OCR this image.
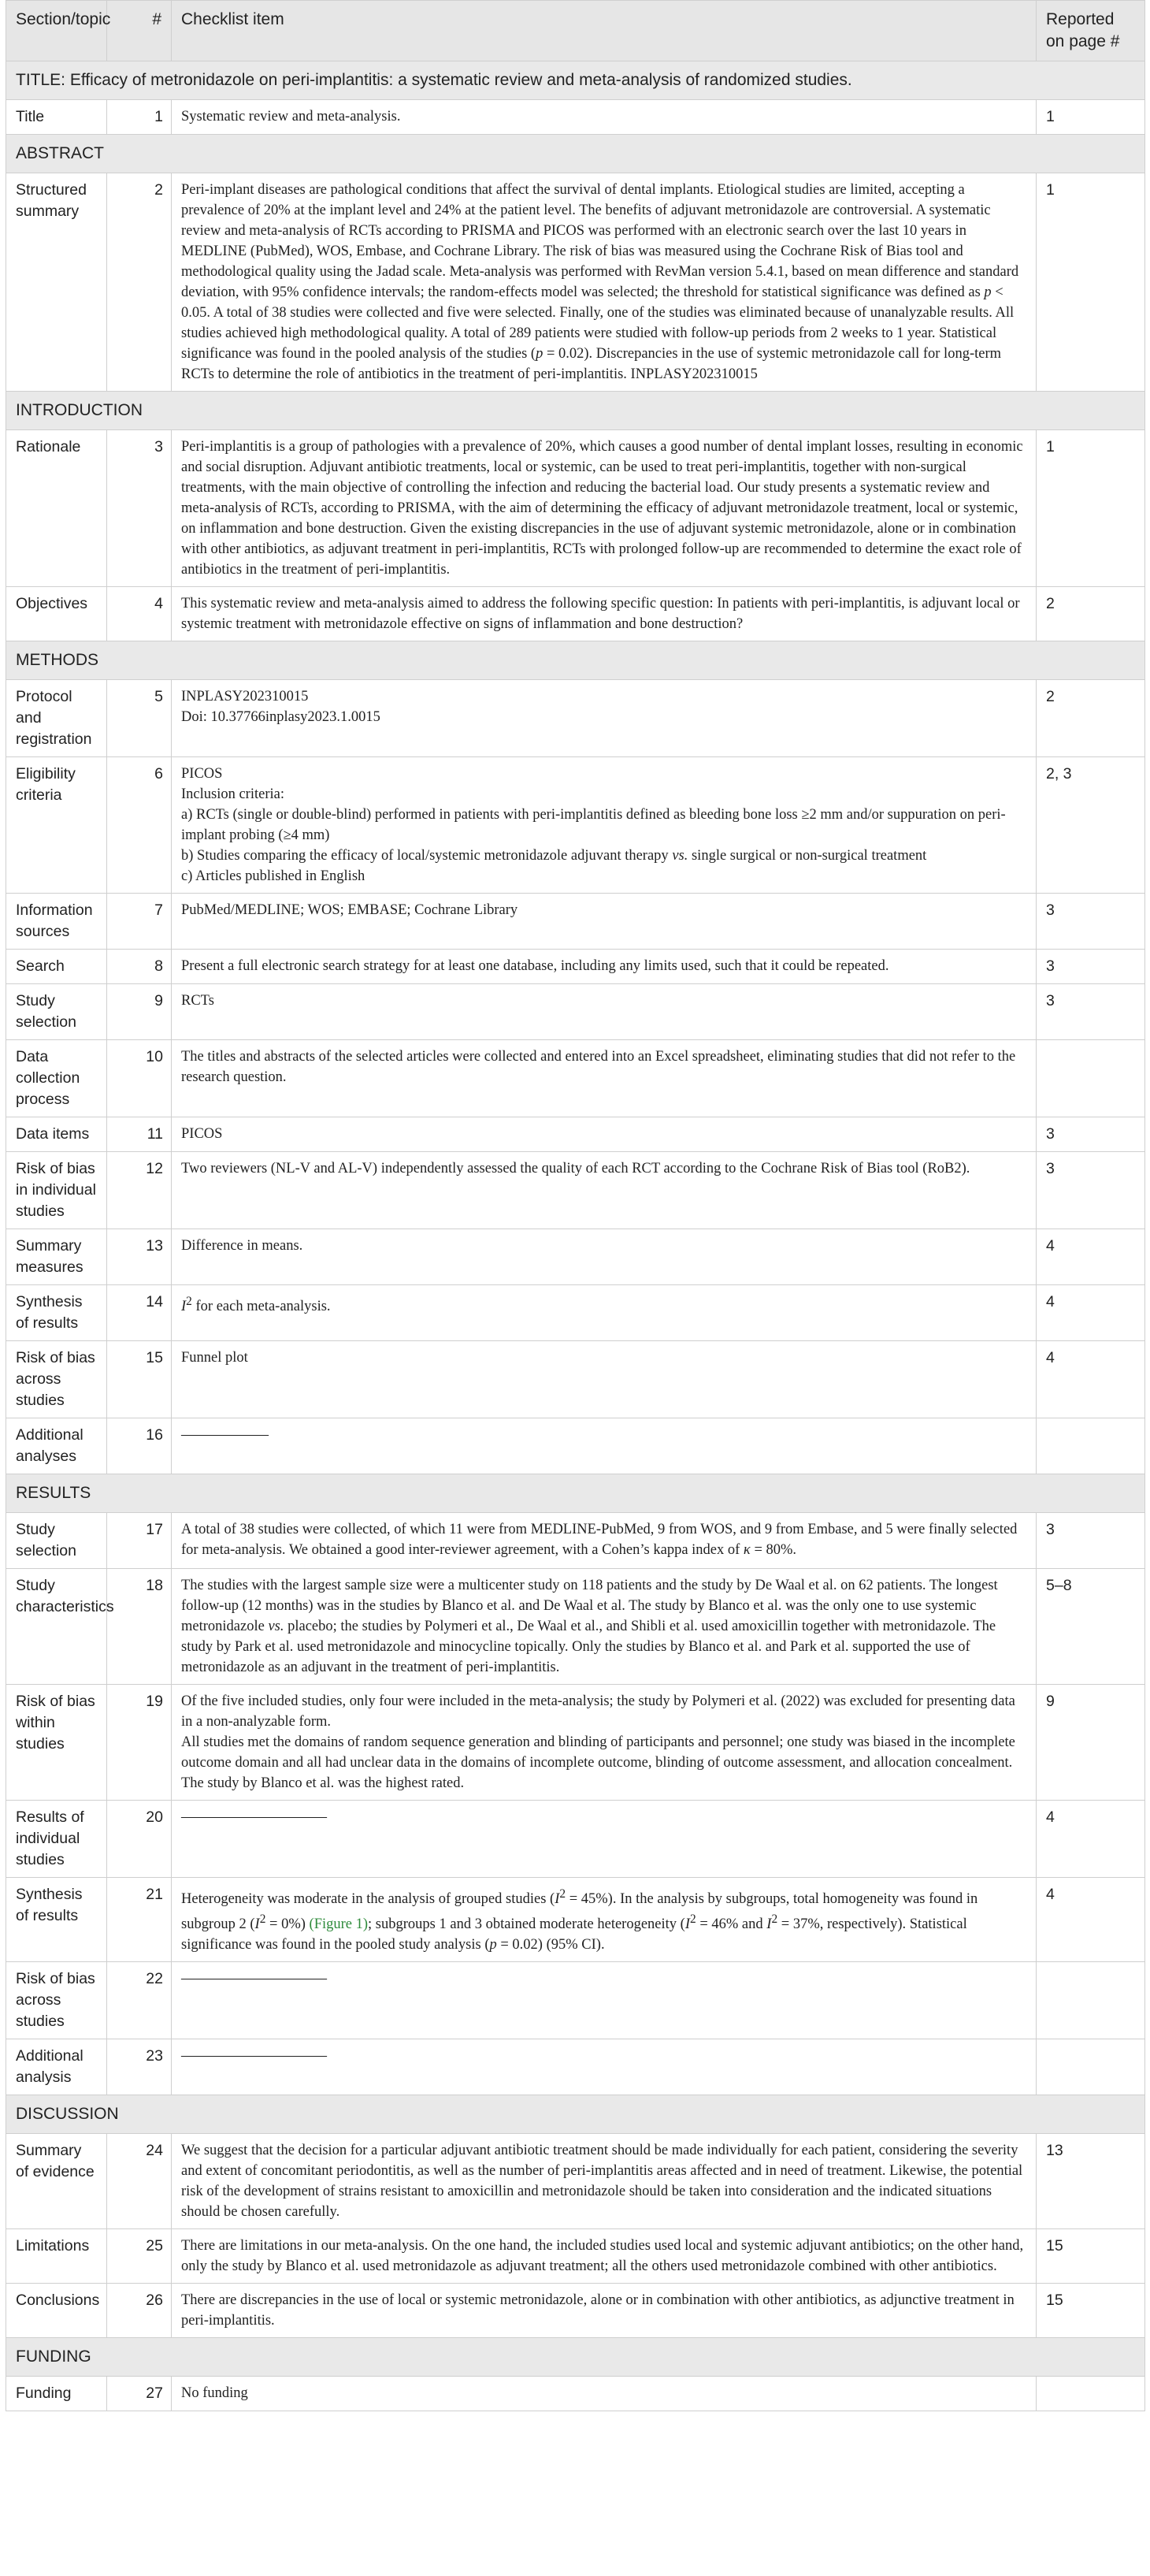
Section/topic	#	Checklist item	Reported on page #
TITLE: Efficacy of metronidazole on peri-implantitis: a systematic review and meta-analysis of randomized studies.			
Title	1	Systematic review and meta-analysis.	1
ABSTRACT			
Structured summary	2	Peri-implant diseases are pathological conditions that affect the survival of dental implants. Etiological studies are limited, accepting a prevalence of 20% at the implant level and 24% at the patient level. The benefits of adjuvant metronidazole are controversial. A systematic review and meta-analysis of RCTs according to PRISMA and PICOS was performed with an electronic search over the last 10 years in MEDLINE (PubMed), WOS, Embase, and Cochrane Library. The risk of bias was measured using the Cochrane Risk of Bias tool and methodological quality using the Jadad scale. Meta-analysis was performed with RevMan version 5.4.1, based on mean difference and standard deviation, with 95% confidence intervals; the random-effects model was selected; the threshold for statistical significance was defined as p < 0.05. A total of 38 studies were collected and five were selected. Finally, one of the studies was eliminated because of unanalyzable results. All studies achieved high methodological quality. A total of 289 patients were studied with follow-up periods from 2 weeks to 1 year. Statistical significance was found in the pooled analysis of the studies (p = 0.02). Discrepancies in the use of systemic metronidazole call for long-term RCTs to determine the role of antibiotics in the treatment of peri-implantitis. INPLASY202310015	1
INTRODUCTION			
Rationale	3	Peri-implantitis is a group of pathologies with a prevalence of 20%, which causes a good number of dental implant losses, resulting in economic and social disruption. Adjuvant antibiotic treatments, local or systemic, can be used to treat peri-implantitis, together with non-surgical treatments, with the main objective of controlling the infection and reducing the bacterial load. Our study presents a systematic review and meta-analysis of RCTs, according to PRISMA, with the aim of determining the efficacy of adjuvant metronidazole treatment, local or systemic, on inflammation and bone destruction. Given the existing discrepancies in the use of adjuvant systemic metronidazole, alone or in combination with other antibiotics, as adjuvant treatment in peri-implantitis, RCTs with prolonged follow-up are recommended to determine the exact role of antibiotics in the treatment of peri-implantitis.	1
Objectives	4	This systematic review and meta-analysis aimed to address the following specific question: In patients with peri-implantitis, is adjuvant local or systemic treatment with metronidazole effective on signs of inflammation and bone destruction?	2
METHODS			
Protocol and registration	5	INPLASY202310015
Doi: 10.37766inplasy2023.1.0015	2
Eligibility criteria	6	PICOS
Inclusion criteria:
a) RCTs (single or double-blind) performed in patients with peri-implantitis defined as bleeding bone loss ≥2 mm and/or suppuration on peri-implant probing (≥4 mm)
b) Studies comparing the efficacy of local/systemic metronidazole adjuvant therapy vs. single surgical or non-surgical treatment
c) Articles published in English	2, 3
Information sources	7	PubMed/MEDLINE; WOS; EMBASE; Cochrane Library	3
Search	8	Present a full electronic search strategy for at least one database, including any limits used, such that it could be repeated.	3
Study selection	9	RCTs	3
Data collection process	10	The titles and abstracts of the selected articles were collected and entered into an Excel spreadsheet, eliminating studies that did not refer to the research question.	
Data items	11	PICOS	3
Risk of bias in individual studies	12	Two reviewers (NL-V and AL-V) independently assessed the quality of each RCT according to the Cochrane Risk of Bias tool (RoB2).	3
Summary measures	13	Difference in means.	4
Synthesis of results	14	$I^2$ for each meta-analysis.	4
Risk of bias across studies	15	Funnel plot	4
Additional analyses	16	——————	
RESULTS			
Study selection	17	A total of 38 studies were collected, of which 11 were from MEDLINE-PubMed, 9 from WOS, and 9 from Embase, and 5 were finally selected for meta-analysis. We obtained a good inter-reviewer agreement, with a Cohen’s kappa index of κ = 80%.	3
Study characteristics	18	The studies with the largest sample size were a multicenter study on 118 patients and the study by De Waal et al. on 62 patients. The longest follow-up (12 months) was in the studies by Blanco et al. and De Waal et al. The study by Blanco et al. was the only one to use systemic metronidazole vs. placebo; the studies by Polymeri et al., De Waal et al., and Shibli et al. used amoxicillin together with metronidazole. The study by Park et al. used metronidazole and minocycline topically. Only the studies by Blanco et al. and Park et al. supported the use of metronidazole as an adjuvant in the treatment of peri-implantitis.	5–8
Risk of bias within studies	19	Of the five included studies, only four were included in the meta-analysis; the study by Polymeri et al. (2022) was excluded for presenting data in a non-analyzable form.
All studies met the domains of random sequence generation and blinding of participants and personnel; one study was biased in the incomplete outcome domain and all had unclear data in the domains of incomplete outcome, blinding of outcome assessment, and allocation concealment. The study by Blanco et al. was the highest rated.	9
Results of individual studies	20	——————————	4
Synthesis of results	21	Heterogeneity was moderate in the analysis of grouped studies $(I^2 = 45\%)$. In the analysis by subgroups, total homogeneity was found in subgroup 2 $(I^2 = 0\%)$ (Figure 1); subgroups 1 and 3 obtained moderate heterogeneity ($I^2 = 46\%$ and $I^2 = 37\%$, respectively). Statistical significance was found in the pooled study analysis (p = 0.02) (95% CI).	4
Risk of bias across studies	22	——————————	
Additional analysis	23	——————————	
DISCUSSION			
Summary of evidence	24	We suggest that the decision for a particular adjuvant antibiotic treatment should be made individually for each patient, considering the severity and extent of concomitant periodontitis, as well as the number of peri-implantitis areas affected and in need of treatment. Likewise, the potential risk of the development of strains resistant to amoxicillin and metronidazole should be taken into consideration and the indicated situations should be chosen carefully.	13
Limitations	25	There are limitations in our meta-analysis. On the one hand, the included studies used local and systemic adjuvant antibiotics; on the other hand, only the study by Blanco et al. used metronidazole as adjuvant treatment; all the others used metronidazole combined with other antibiotics.	15
Conclusions	26	There are discrepancies in the use of local or systemic metronidazole, alone or in combination with other antibiotics, as adjunctive treatment in peri-implantitis.	15
FUNDING			
Funding	27	No funding	
